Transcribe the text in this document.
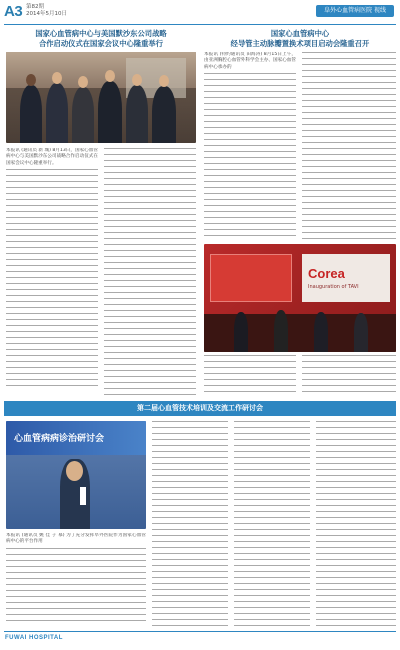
A3 第82期
2014年5月10日	阜外心血管病医院 视线
国家心血管病中心与美国默沙东公司战略
合作启动仪式在国家会议中心隆重举行
本报讯 (通讯员 新 城) 8月13日，国家心血管病中心与美国默沙东公司战略合作启动仪式在国家会议中心隆重举行。
国家心血管病中心
经导管主动脉瓣置换术项目启动会隆重召开
本报讯 (特约通讯员 田海涛) 8月15日上午，由亚洲胸腔心血管外科学会主办、国家心血管病中心承办的
Corea
Inauguration of TAVI
第二届心血管技术培训及交流工作研讨会
心血管病病诊治研讨会
本报讯 (通讯员 姚 佳 子 慕) 为了充分发挥阜外医院作为国家心血管病中心的平台作用
FUWAI HOSPITAL
